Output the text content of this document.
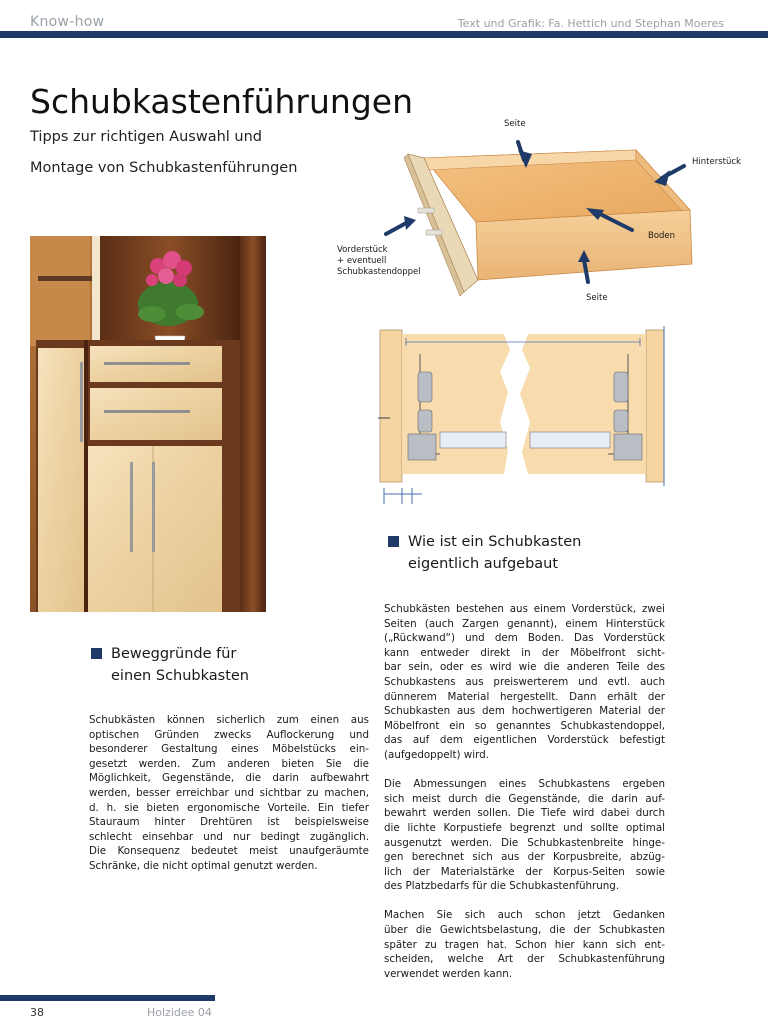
Know-how	Text und Grafik: Fa. Hettich und Stephan Moeres
Schubkastenführungen
Tipps zur richtigen Auswahl und
Montage von Schubkastenführungen
Seite
Hinterstück
Boden
Vorderstück
+ eventuell
Schubkastendoppel
Seite
Wie ist ein Schubkasten
eigentlich aufgebaut

Schubkästen bestehen aus einem Vorderstück, zwei
Seiten (auch Zargen genannt), einem Hinterstück
(„Rückwand“) und dem Boden. Das Vorderstück
kann entweder direkt in der Möbelfront sicht-
bar sein, oder es wird wie die anderen Teile des
Schubkastens aus preiswerterem und evtl. auch
dünnerem Material hergestellt. Dann erhält der
Schubkasten aus dem hochwertigeren Material der
Möbelfront ein so genanntes Schubkastendoppel,
das auf dem eigentlichen Vorderstück befestigt
(aufgedoppelt) wird.

Die Abmessungen eines Schubkastens ergeben
sich meist durch die Gegenstände, die darin auf-
bewahrt werden sollen. Die Tiefe wird dabei durch
die lichte Korpustiefe begrenzt und sollte optimal
ausgenutzt werden. Die Schubkastenbreite hinge-
gen berechnet sich aus der Korpusbreite, abzüg-
lich der Materialstärke der Korpus-Seiten sowie
des Platzbedarfs für die Schubkastenführung.

Machen Sie sich auch schon jetzt Gedanken
über die Gewichtsbelastung, die der Schubkasten
später zu tragen hat. Schon hier kann sich ent-
scheiden, welche Art der Schubkastenführung
verwendet werden kann.

Beweggründe für
einen Schubkasten

Schubkästen können sicherlich zum einen aus
optischen Gründen zwecks Auflockerung und
besonderer Gestaltung eines Möbelstücks ein-
gesetzt werden. Zum anderen bieten Sie die
Möglichkeit, Gegenstände, die darin aufbewahrt
werden, besser erreichbar und sichtbar zu machen,
d. h. sie bieten ergonomische Vorteile. Ein tiefer
Stauraum hinter Drehtüren ist beispielsweise
schlecht einsehbar und nur bedingt zugänglich.
Die Konsequenz bedeutet meist unaufgeräumte
Schränke, die nicht optimal genutzt werden.

38	Holzidee 04
